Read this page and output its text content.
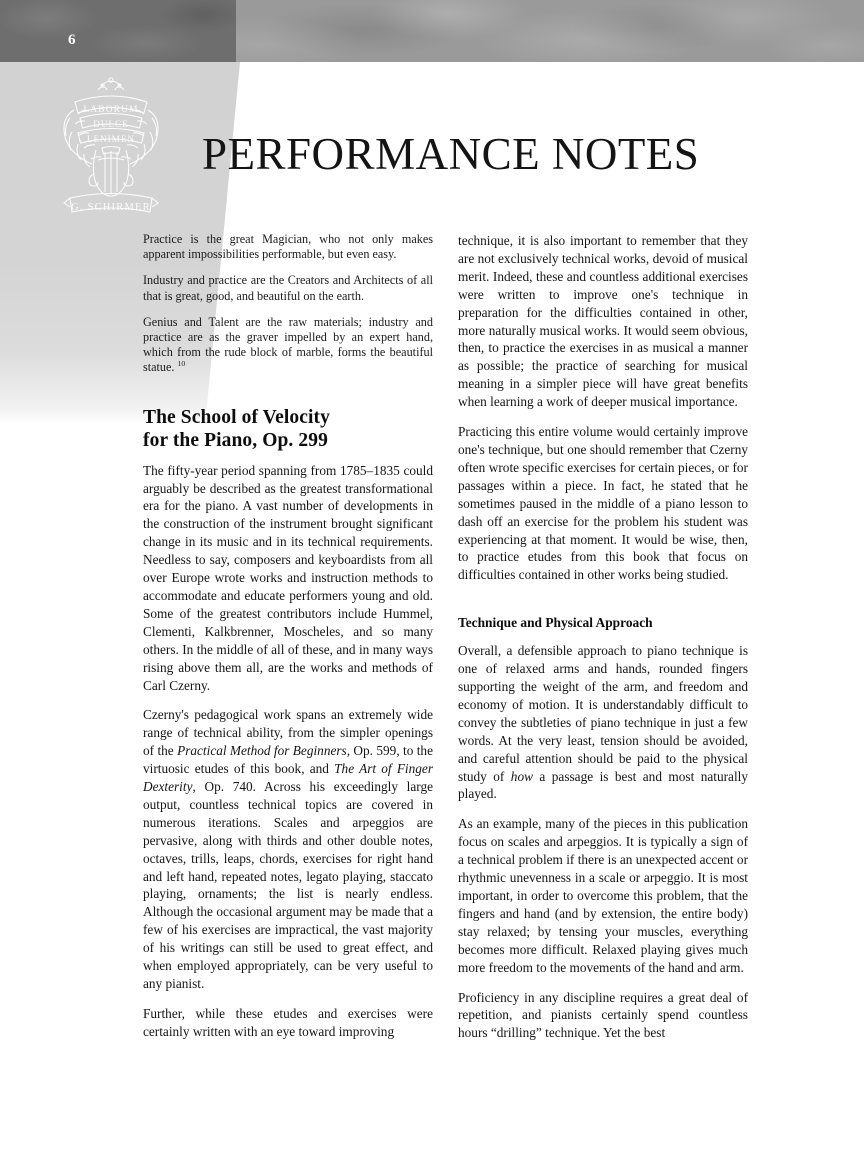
6
LABORUM
DULCE
LENIMEN
G. SCHIRMER
PERFORMANCE NOTES

Practice is the great Magician, who not only makes apparent impossibilities performable, but even easy.

Industry and practice are the Creators and Architects of all that is great, good, and beautiful on the earth.

Genius and Talent are the raw materials; industry and practice are as the graver impelled by an expert hand, which from the rude block of marble, forms the beautiful statue. $^{10}$

The School of Velocity
for the Piano, Op. 299

The fifty-year period spanning from 1785–1835 could arguably be described as the greatest transformational era for the piano. A vast number of developments in the construction of the instrument brought significant change in its music and in its technical requirements. Needless to say, composers and keyboardists from all over Europe wrote works and instruction methods to accommodate and educate performers young and old. Some of the greatest contributors include Hummel, Clementi, Kalkbrenner, Moscheles, and so many others. In the middle of all of these, and in many ways rising above them all, are the works and methods of Carl Czerny.

Czerny's pedagogical work spans an extremely wide range of technical ability, from the simpler openings of the Practical Method for Beginners, Op. 599, to the virtuosic etudes of this book, and The Art of Finger Dexterity, Op. 740. Across his exceedingly large output, countless technical topics are covered in numerous iterations. Scales and arpeggios are pervasive, along with thirds and other double notes, octaves, trills, leaps, chords, exercises for right hand and left hand, repeated notes, legato playing, staccato playing, ornaments; the list is nearly endless. Although the occasional argument may be made that a few of his exercises are impractical, the vast majority of his writings can still be used to great effect, and when employed appropriately, can be very useful to any pianist.

Further, while these etudes and exercises were certainly written with an eye toward improving

technique, it is also important to remember that they are not exclusively technical works, devoid of musical merit. Indeed, these and countless additional exercises were written to improve one's technique in preparation for the difficulties contained in other, more naturally musical works. It would seem obvious, then, to practice the exercises in as musical a manner as possible; the practice of searching for musical meaning in a simpler piece will have great benefits when learning a work of deeper musical importance.

Practicing this entire volume would certainly improve one's technique, but one should remember that Czerny often wrote specific exercises for certain pieces, or for passages within a piece. In fact, he stated that he sometimes paused in the middle of a piano lesson to dash off an exercise for the problem his student was experiencing at that moment. It would be wise, then, to practice etudes from this book that focus on difficulties contained in other works being studied.

Technique and Physical Approach

Overall, a defensible approach to piano technique is one of relaxed arms and hands, rounded fingers supporting the weight of the arm, and freedom and economy of motion. It is understandably difficult to convey the subtleties of piano technique in just a few words. At the very least, tension should be avoided, and careful attention should be paid to the physical study of how a passage is best and most naturally played.

As an example, many of the pieces in this publication focus on scales and arpeggios. It is typically a sign of a technical problem if there is an unexpected accent or rhythmic unevenness in a scale or arpeggio. It is most important, in order to overcome this problem, that the fingers and hand (and by extension, the entire body) stay relaxed; by tensing your muscles, everything becomes more difficult. Relaxed playing gives much more freedom to the movements of the hand and arm.

Proficiency in any discipline requires a great deal of repetition, and pianists certainly spend countless hours “drilling” technique. Yet the best
